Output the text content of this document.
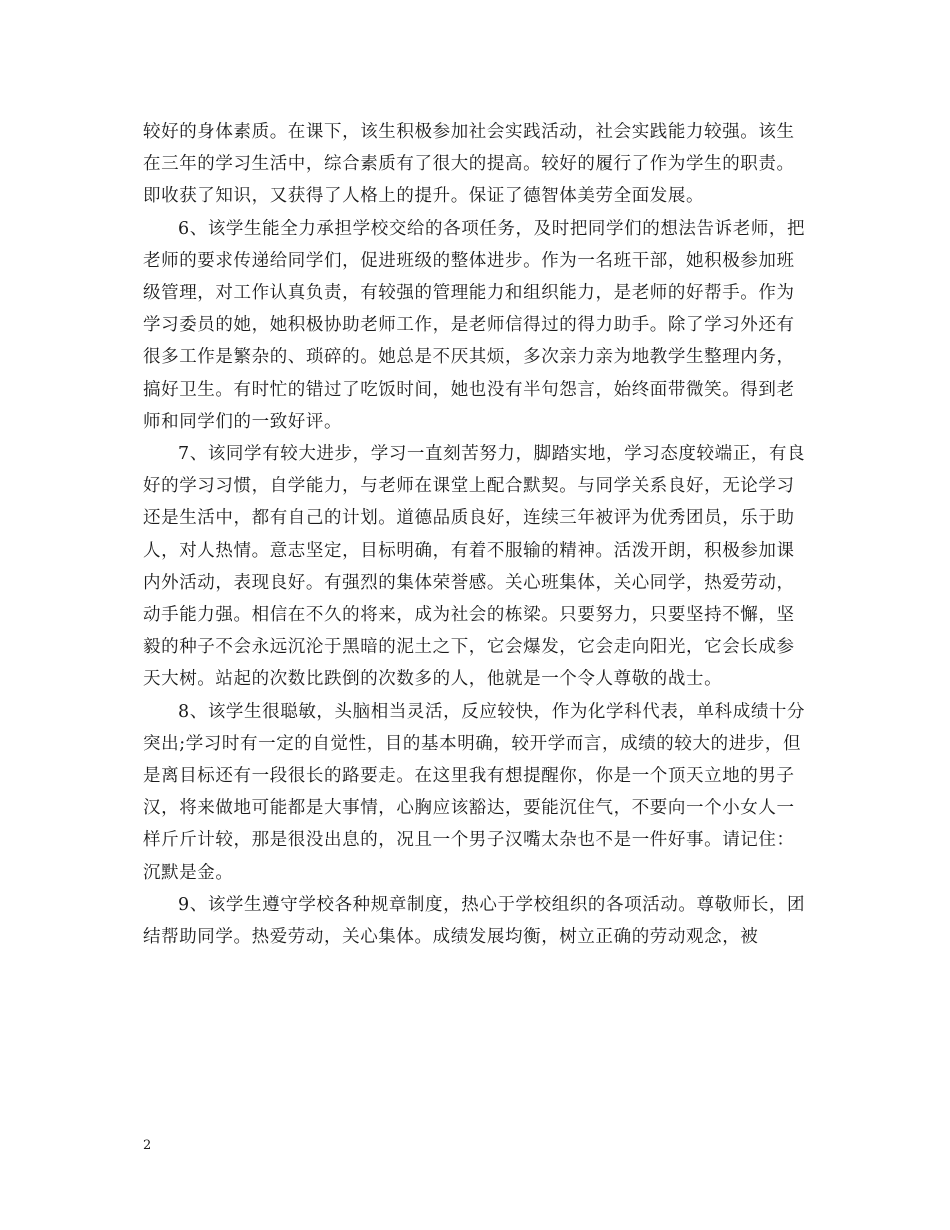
较好的身体素质。在课下，该生积极参加社会实践活动，社会实践能力较强。该生在三年的学习生活中，综合素质有了很大的提高。较好的履行了作为学生的职责。即收获了知识，又获得了人格上的提升。保证了德智体美劳全面发展。

6、该学生能全力承担学校交给的各项任务，及时把同学们的想法告诉老师，把老师的要求传递给同学们，促进班级的整体进步。作为一名班干部，她积极参加班级管理，对工作认真负责，有较强的管理能力和组织能力，是老师的好帮手。作为学习委员的她，她积极协助老师工作，是老师信得过的得力助手。除了学习外还有很多工作是繁杂的、琐碎的。她总是不厌其烦，多次亲力亲为地教学生整理内务，搞好卫生。有时忙的错过了吃饭时间，她也没有半句怨言，始终面带微笑。得到老师和同学们的一致好评。

7、该同学有较大进步，学习一直刻苦努力，脚踏实地，学习态度较端正，有良好的学习习惯，自学能力，与老师在课堂上配合默契。与同学关系良好，无论学习还是生活中，都有自己的计划。道德品质良好，连续三年被评为优秀团员，乐于助人，对人热情。意志坚定，目标明确，有着不服输的精神。活泼开朗，积极参加课内外活动，表现良好。有强烈的集体荣誉感。关心班集体，关心同学，热爱劳动，动手能力强。相信在不久的将来，成为社会的栋梁。只要努力，只要坚持不懈，坚毅的种子不会永远沉沦于黑暗的泥土之下，它会爆发，它会走向阳光，它会长成参天大树。站起的次数比跌倒的次数多的人，他就是一个令人尊敬的战士。

8、该学生很聪敏，头脑相当灵活，反应较快，作为化学科代表，单科成绩十分突出;学习时有一定的自觉性，目的基本明确，较开学而言，成绩的较大的进步，但是离目标还有一段很长的路要走。在这里我有想提醒你，你是一个顶天立地的男子汉，将来做地可能都是大事情，心胸应该豁达，要能沉住气，不要向一个小女人一样斤斤计较，那是很没出息的，况且一个男子汉嘴太杂也不是一件好事。请记住：沉默是金。

9、该学生遵守学校各种规章制度，热心于学校组织的各项活动。尊敬师长，团结帮助同学。热爱劳动，关心集体。成绩发展均衡，树立正确的劳动观念，被

2
